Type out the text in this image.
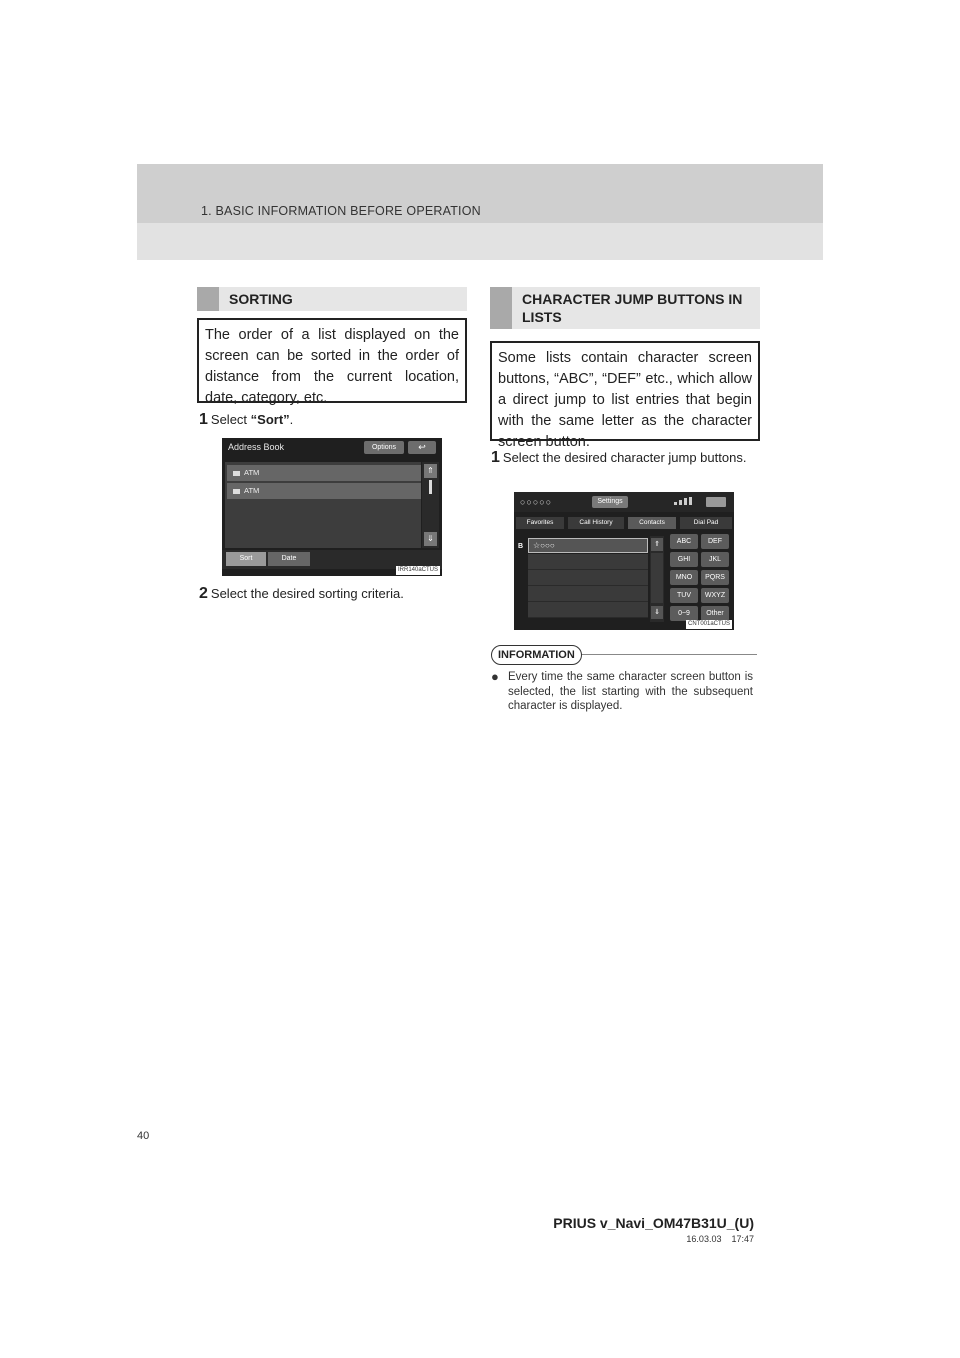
1. BASIC INFORMATION BEFORE OPERATION
SORTING
The order of a list displayed on the screen can be sorted in the order of distance from the current location, date, category, etc.
1 Select “Sort”.
Address Book	Options	↩
ATM
ATM
⇑
⇓
Sort	Date
IRR140aCTUS
2 Select the desired sorting criteria.
CHARACTER JUMP BUTTONS IN LISTS
Some lists contain character screen buttons, “ABC”, “DEF” etc., which allow a direct jump to list entries that begin with the same letter as the character screen button.
1 Select the desired character jump buttons.
○○○○○	Settings
Favorites	Call History	Contacts	Dial Pad
B	☆○○○	⇑
⇓
ABC	DEF
GHI	JKL
MNO	PQRS
TUV	WXYZ
0~9	Other
CNT001aCTUS
INFORMATION
● Every time the same character screen button is selected, the list starting with the subsequent character is displayed.
40
PRIUS v_Navi_OM47B31U_(U)
16.03.03 17:47
